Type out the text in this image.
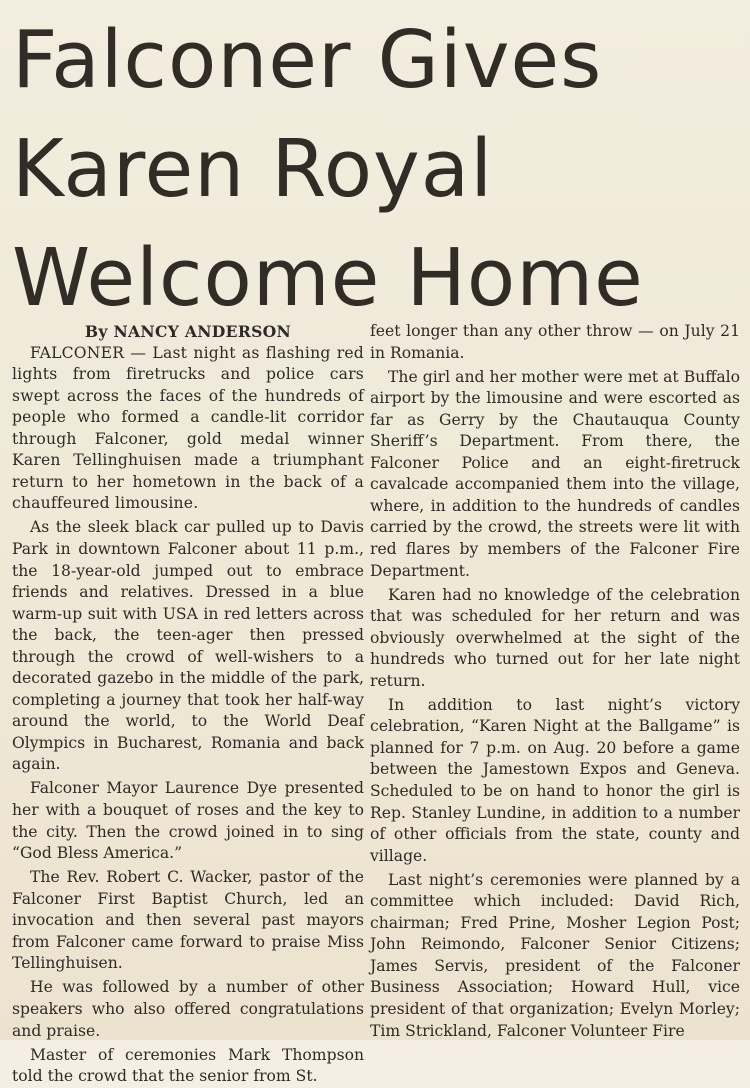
Falconer Gives
Karen Royal
Welcome Home
By NANCY ANDERSON

FALCONER — Last night as flashing red lights from firetrucks and police cars swept across the faces of the hundreds of people who formed a candle-lit corridor through Falconer, gold medal winner Karen Tellinghuisen made a triumphant return to her hometown in the back of a chauffeured limousine.

As the sleek black car pulled up to Davis Park in downtown Falconer about 11 p.m., the 18-year-old jumped out to embrace friends and relatives. Dressed in a blue warm-up suit with USA in red letters across the back, the teen-ager then pressed through the crowd of well-wishers to a decorated gazebo in the middle of the park, completing a journey that took her half-way around the world, to the World Deaf Olympics in Bucharest, Romania and back again.

Falconer Mayor Laurence Dye presented her with a bouquet of roses and the key to the city. Then the crowd joined in to sing “God Bless America.”

The Rev. Robert C. Wacker, pastor of the Falconer First Baptist Church, led an invocation and then several past mayors from Falconer came forward to praise Miss Tellinghuisen.

He was followed by a number of other speakers who also offered congratulations and praise.

Master of ceremonies Mark Thompson told the crowd that the senior from St.

feet longer than any other throw — on July 21 in Romania.

The girl and her mother were met at Buffalo airport by the limousine and were escorted as far as Gerry by the Chautauqua County Sheriff’s Department. From there, the Falconer Police and an eight-firetruck cavalcade accompanied them into the village, where, in addition to the hundreds of candles carried by the crowd, the streets were lit with red flares by members of the Falconer Fire Department.

Karen had no knowledge of the celebration that was scheduled for her return and was obviously overwhelmed at the sight of the hundreds who turned out for her late night return.

In addition to last night’s victory celebration, “Karen Night at the Ballgame” is planned for 7 p.m. on Aug. 20 before a game between the Jamestown Expos and Geneva. Scheduled to be on hand to honor the girl is Rep. Stanley Lundine, in addition to a number of other officials from the state, county and village.

Last night’s ceremonies were planned by a committee which included: David Rich, chairman; Fred Prine, Mosher Legion Post; John Reimondo, Falconer Senior Citizens; James Servis, president of the Falconer Business Association; Howard Hull, vice president of that organization; Evelyn Morley; Tim Strickland, Falconer Volunteer Fire
